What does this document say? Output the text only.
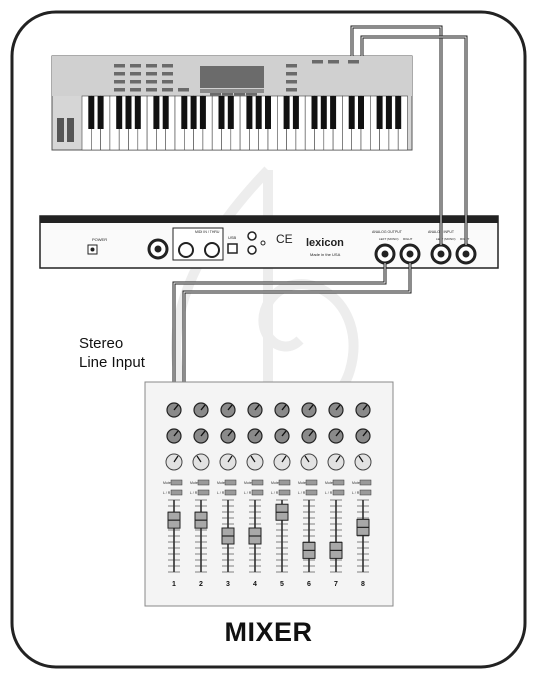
POWER
MIDI IN / THRU
USB	CE lexicon
Made in the USA
ANALOG OUTPUT
LEFT (MONO) RIGHT
ANALOG INPUT
LEFT (MONO) RIGHT
Mute
L / R
1
Mute
L / R
2
Mute
L / R
3
Mute
L / R
4
Mute
L / R
5
Mute
L / R
6
Mute
L / R
7
Mute
L / R
8
Stereo
Line Input
MIXER
